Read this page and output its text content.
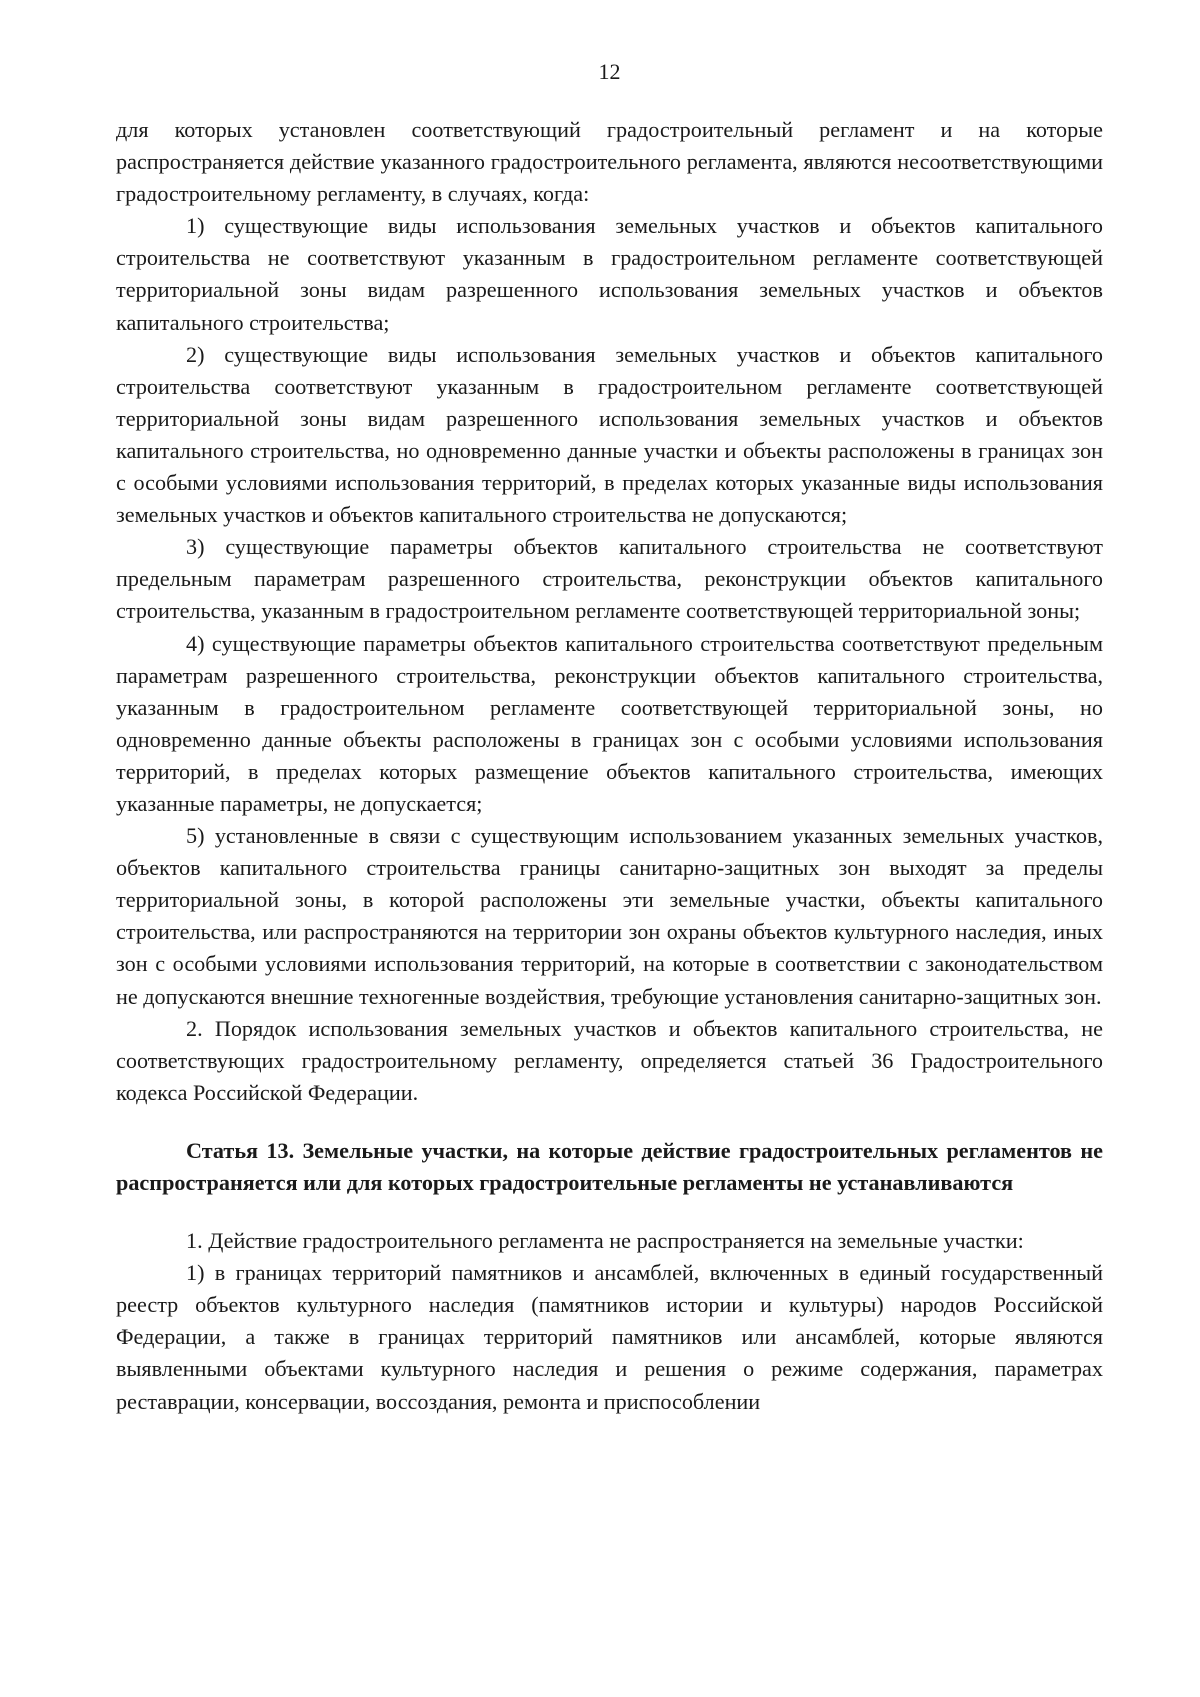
12

для которых установлен соответствующий градостроительный регламент и на которые распространяется действие указанного градостроительного регламента, являются несоответствующими градостроительному регламенту, в случаях, когда:

1) существующие виды использования земельных участков и объектов капитального строительства не соответствуют указанным в градостроительном регламенте соответствующей территориальной зоны видам разрешенного использования земельных участков и объектов капитального строительства;

2) существующие виды использования земельных участков и объектов капитального строительства соответствуют указанным в градостроительном регламенте соответствующей территориальной зоны видам разрешенного использования земельных участков и объектов капитального строительства, но одновременно данные участки и объекты расположены в границах зон с особыми условиями использования территорий, в пределах которых указанные виды использования земельных участков и объектов капитального строительства не допускаются;

3) существующие параметры объектов капитального строительства не соответствуют предельным параметрам разрешенного строительства, реконструкции объектов капитального строительства, указанным в градостроительном регламенте соответствующей территориальной зоны;

4) существующие параметры объектов капитального строительства соответствуют предельным параметрам разрешенного строительства, реконструкции объектов капитального строительства, указанным в градостроительном регламенте соответствующей территориальной зоны, но одновременно данные объекты расположены в границах зон с особыми условиями использования территорий, в пределах которых размещение объектов капитального строительства, имеющих указанные параметры, не допускается;

5) установленные в связи с существующим использованием указанных земельных участков, объектов капитального строительства границы санитарно-защитных зон выходят за пределы территориальной зоны, в которой расположены эти земельные участки, объекты капитального строительства, или распространяются на территории зон охраны объектов культурного наследия, иных зон с особыми условиями использования территорий, на которые в соответствии с законодательством не допускаются внешние техногенные воздействия, требующие установления санитарно-защитных зон.

2. Порядок использования земельных участков и объектов капитального строительства, не соответствующих градостроительному регламенту, определяется статьей 36 Градостроительного кодекса Российской Федерации.

Статья 13. Земельные участки, на которые действие градостроительных регламентов не распространяется или для которых градостроительные регламенты не устанавливаются

1. Действие градостроительного регламента не распространяется на земельные участки:

1) в границах территорий памятников и ансамблей, включенных в единый государственный реестр объектов культурного наследия (памятников истории и культуры) народов Российской Федерации, а также в границах территорий памятников или ансамблей, которые являются выявленными объектами культурного наследия и решения о режиме содержания, параметрах реставрации, консервации, воссоздания, ремонта и приспособлении
